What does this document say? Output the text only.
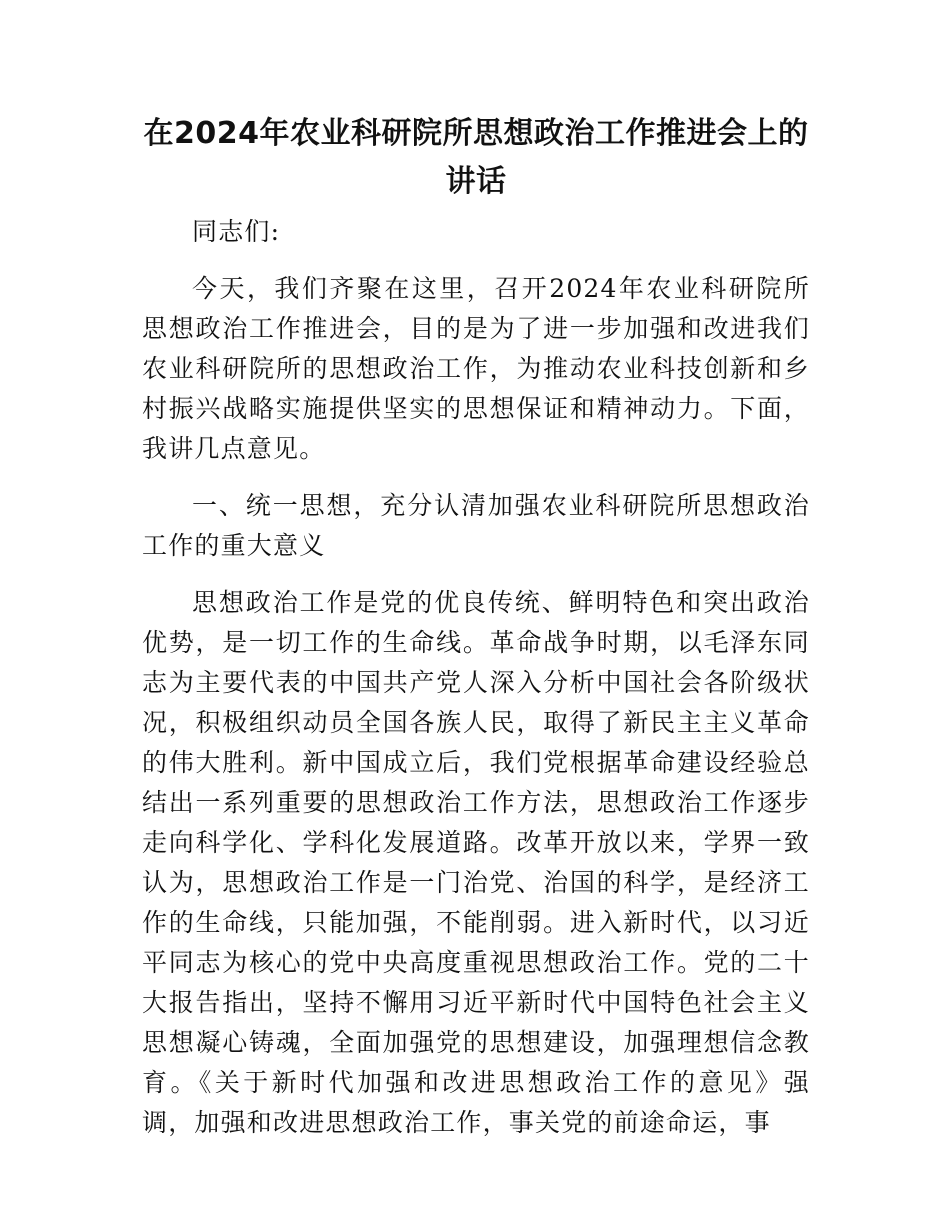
在2024年农业科研院所思想政治工作推进会上的讲话

同志们:

今天，我们齐聚在这里，召开2024年农业科研院所思想政治工作推进会，目的是为了进一步加强和改进我们农业科研院所的思想政治工作，为推动农业科技创新和乡村振兴战略实施提供坚实的思想保证和精神动力。下面，我讲几点意见。

一、统一思想，充分认清加强农业科研院所思想政治工作的重大意义

思想政治工作是党的优良传统、鲜明特色和突出政治优势，是一切工作的生命线。革命战争时期，以毛泽东同志为主要代表的中国共产党人深入分析中国社会各阶级状况，积极组织动员全国各族人民，取得了新民主主义革命的伟大胜利。新中国成立后，我们党根据革命建设经验总结出一系列重要的思想政治工作方法，思想政治工作逐步走向科学化、学科化发展道路。改革开放以来，学界一致认为，思想政治工作是一门治党、治国的科学，是经济工作的生命线，只能加强，不能削弱。进入新时代，以习近平同志为核心的党中央高度重视思想政治工作。党的二十大报告指出，坚持不懈用习近平新时代中国特色社会主义思想凝心铸魂，全面加强党的思想建设，加强理想信念教育。《关于新时代加强和改进思想政治工作的意见》强调，加强和改进思想政治工作，事关党的前途命运，事
